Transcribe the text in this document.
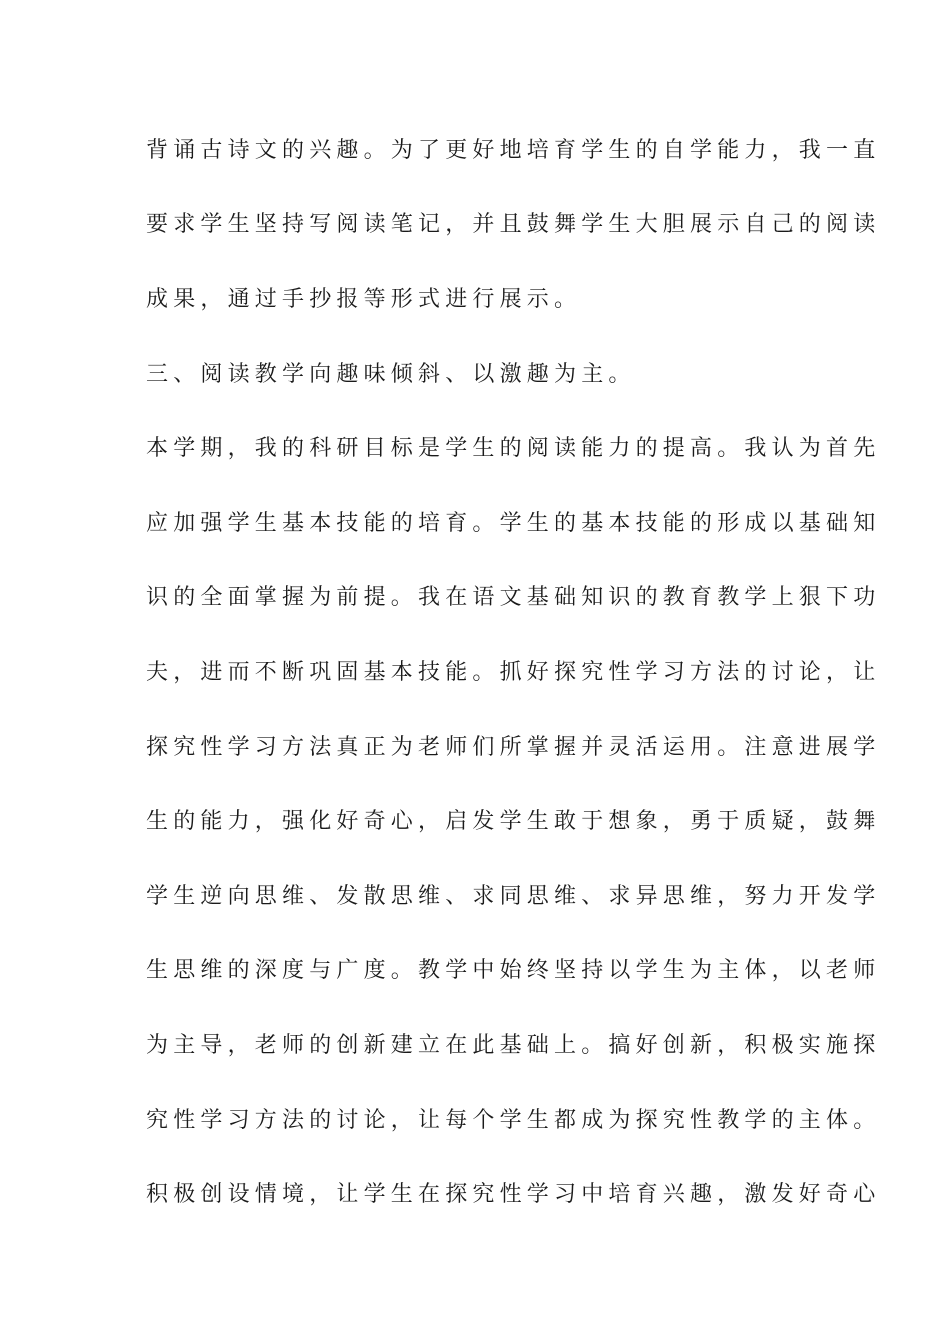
背诵古诗文的兴趣。为了更好地培育学生的自学能力，我一直
要求学生坚持写阅读笔记，并且鼓舞学生大胆展示自己的阅读
成果，通过手抄报等形式进行展示。
三、阅读教学向趣味倾斜、以激趣为主。
本学期，我的科研目标是学生的阅读能力的提高。我认为首先
应加强学生基本技能的培育。学生的基本技能的形成以基础知
识的全面掌握为前提。我在语文基础知识的教育教学上狠下功
夫，进而不断巩固基本技能。抓好探究性学习方法的讨论，让
探究性学习方法真正为老师们所掌握并灵活运用。注意进展学
生的能力，强化好奇心，启发学生敢于想象，勇于质疑，鼓舞
学生逆向思维、发散思维、求同思维、求异思维，努力开发学
生思维的深度与广度。教学中始终坚持以学生为主体，以老师
为主导，老师的创新建立在此基础上。搞好创新，积极实施探
究性学习方法的讨论，让每个学生都成为探究性教学的主体。
积极创设情境，让学生在探究性学习中培育兴趣，激发好奇心
